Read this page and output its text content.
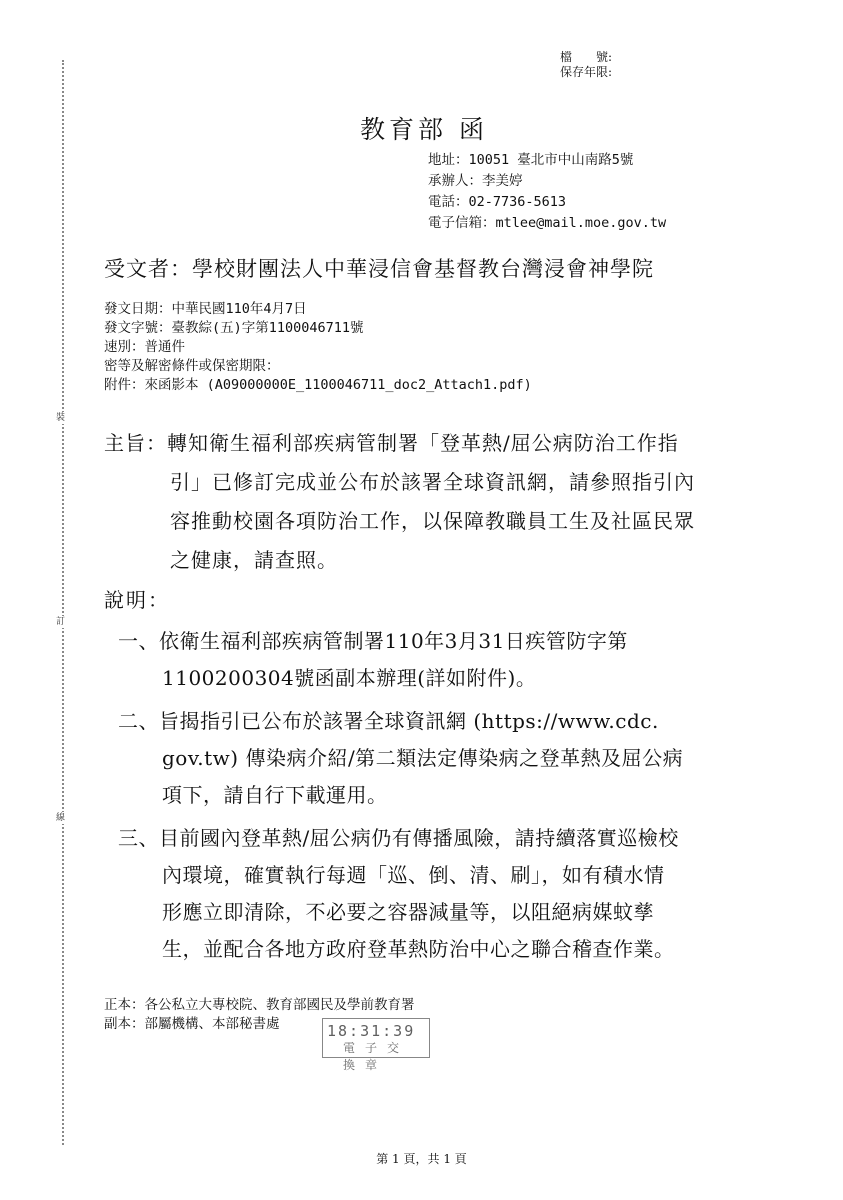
裝
訂
線
檔　　號:
保存年限:
教育部 函
地址：10051 臺北市中山南路5號
承辦人：李美婷
電話：02-7736-5613
電子信箱：mtlee@mail.moe.gov.tw
受文者：學校財團法人中華浸信會基督教台灣浸會神學院
發文日期：中華民國110年4月7日
發文字號：臺教綜(五)字第1100046711號
速別：普通件
密等及解密條件或保密期限：
附件：來函影本 (A09000000E_1100046711_doc2_Attach1.pdf)
主旨：轉知衛生福利部疾病管制署「登革熱/屈公病防治工作指
引」已修訂完成並公布於該署全球資訊網，請參照指引內
容推動校園各項防治工作，以保障教職員工生及社區民眾
之健康，請查照。
說明：
一、依衛生福利部疾病管制署110年3月31日疾管防字第
1100200304號函副本辦理(詳如附件)。
二、旨揭指引已公布於該署全球資訊網 (https://www.cdc.
gov.tw) 傳染病介紹/第二類法定傳染病之登革熱及屈公病
項下，請自行下載運用。
三、目前國內登革熱/屈公病仍有傳播風險，請持續落實巡檢校
內環境，確實執行每週「巡、倒、清、刷」，如有積水情
形應立即清除，不必要之容器減量等，以阻絕病媒蚊孳
生，並配合各地方政府登革熱防治中心之聯合稽查作業。
正本：各公私立大專校院、教育部國民及學前教育署
副本：部屬機構、本部秘書處	18:31:39
電子交換章
第 1 頁，共 1 頁
